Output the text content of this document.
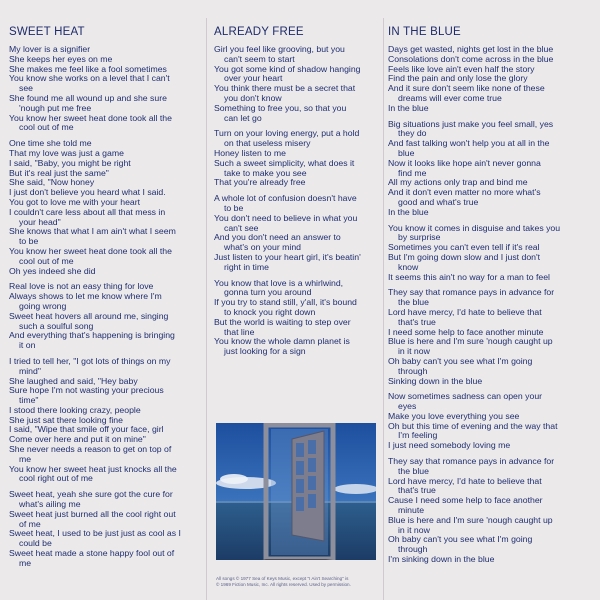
SWEET HEAT
My lover is a signifier
She keeps her eyes on me
She makes me feel like a fool sometimes
You know she works on a level that I can't
see
She found me all wound up and she sure
'nough put me free
You know her sweet heat done took all the
cool out of me
One time she told me
That my love was just a game
I said, "Baby, you might be right
But it's real just the same"
She said, "Now honey
I just don't believe you heard what I said.
You got to love me with your heart
I couldn't care less about all that mess in
your head"
She knows that what I am ain't what I seem
to be
You know her sweet heat done took all the
cool out of me
Oh yes indeed she did
Real love is not an easy thing for love
Always shows to let me know where I'm
going wrong
Sweet heat hovers all around me, singing
such a soulful song
And everything that's happening is bringing
it on
I tried to tell her, "I got lots of things on my
mind"
She laughed and said, "Hey baby
Sure hope I'm not wasting your precious
time"
I stood there looking crazy, people
She just sat there looking fine
I said, "Wipe that smile off your face, girl
Come over here and put it on mine"
She never needs a reason to get on top of
me
You know her sweet heat just knocks all the
cool right out of me
Sweet heat, yeah she sure got the cure for
what's ailing me
Sweet heat just burned all the cool right out
of me
Sweet heat, I used to be just just as cool as I
could be
Sweet heat made a stone happy fool out of
me
ALREADY FREE
Girl you feel like grooving, but you
can't seem to start
You got some kind of shadow hanging
over your heart
You think there must be a secret that
you don't know
Something to free you, so that you
can let go
Turn on your loving energy, put a hold
on that useless misery
Honey listen to me
Such a sweet simplicity, what does it
take to make you see
That you're already free
A whole lot of confusion doesn't have
to be
You don't need to believe in what you
can't see
And you don't need an answer to
what's on your mind
Just listen to your heart girl, it's beatin'
right in time
You know that love is a whirlwind,
gonna turn you around
If you try to stand still, y'all, it's bound
to knock you right down
But the world is waiting to step over
that line
You know the whole damn planet is
just looking for a sign
IN THE BLUE
Days get wasted, nights get lost in the blue
Consolations don't come across in the blue
Feels like love ain't even half the story
Find the pain and only lose the glory
And it sure don't seem like none of these
dreams will ever come true
In the blue
Big situations just make you feel small, yes
they do
And fast talking won't help you at all in the
blue
Now it looks like hope ain't never gonna
find me
All my actions only trap and bind me
And it don't even matter no more what's
good and what's true
In the blue
You know it comes in disguise and takes you
by surprise
Sometimes you can't even tell if it's real
But I'm going down slow and I just don't
know
It seems this ain't no way for a man to feel
They say that romance pays in advance for
the blue
Lord have mercy, I'd hate to believe that
that's true
I need some help to face another minute
Blue is here and I'm sure 'nough caught up
in it now
Oh baby can't you see what I'm going
through
Sinking down in the blue
Now sometimes sadness can open your
eyes
Make you love everything you see
Oh but this time of evening and the way that
I'm feeling
I just need somebody loving me
They say that romance pays in advance for
the blue
Lord have mercy, I'd hate to believe that
that's true
Cause I need some help to face another
minute
Blue is here and I'm sure 'nough caught up
in it now
Oh baby can't you see what I'm going
through
I'm sinking down in the blue
All songs © 1977 Sea of Keys Music, except "I Ain't Searching" is
© 1969 Fiction Music, Inc. All rights reserved. Used by permission.
